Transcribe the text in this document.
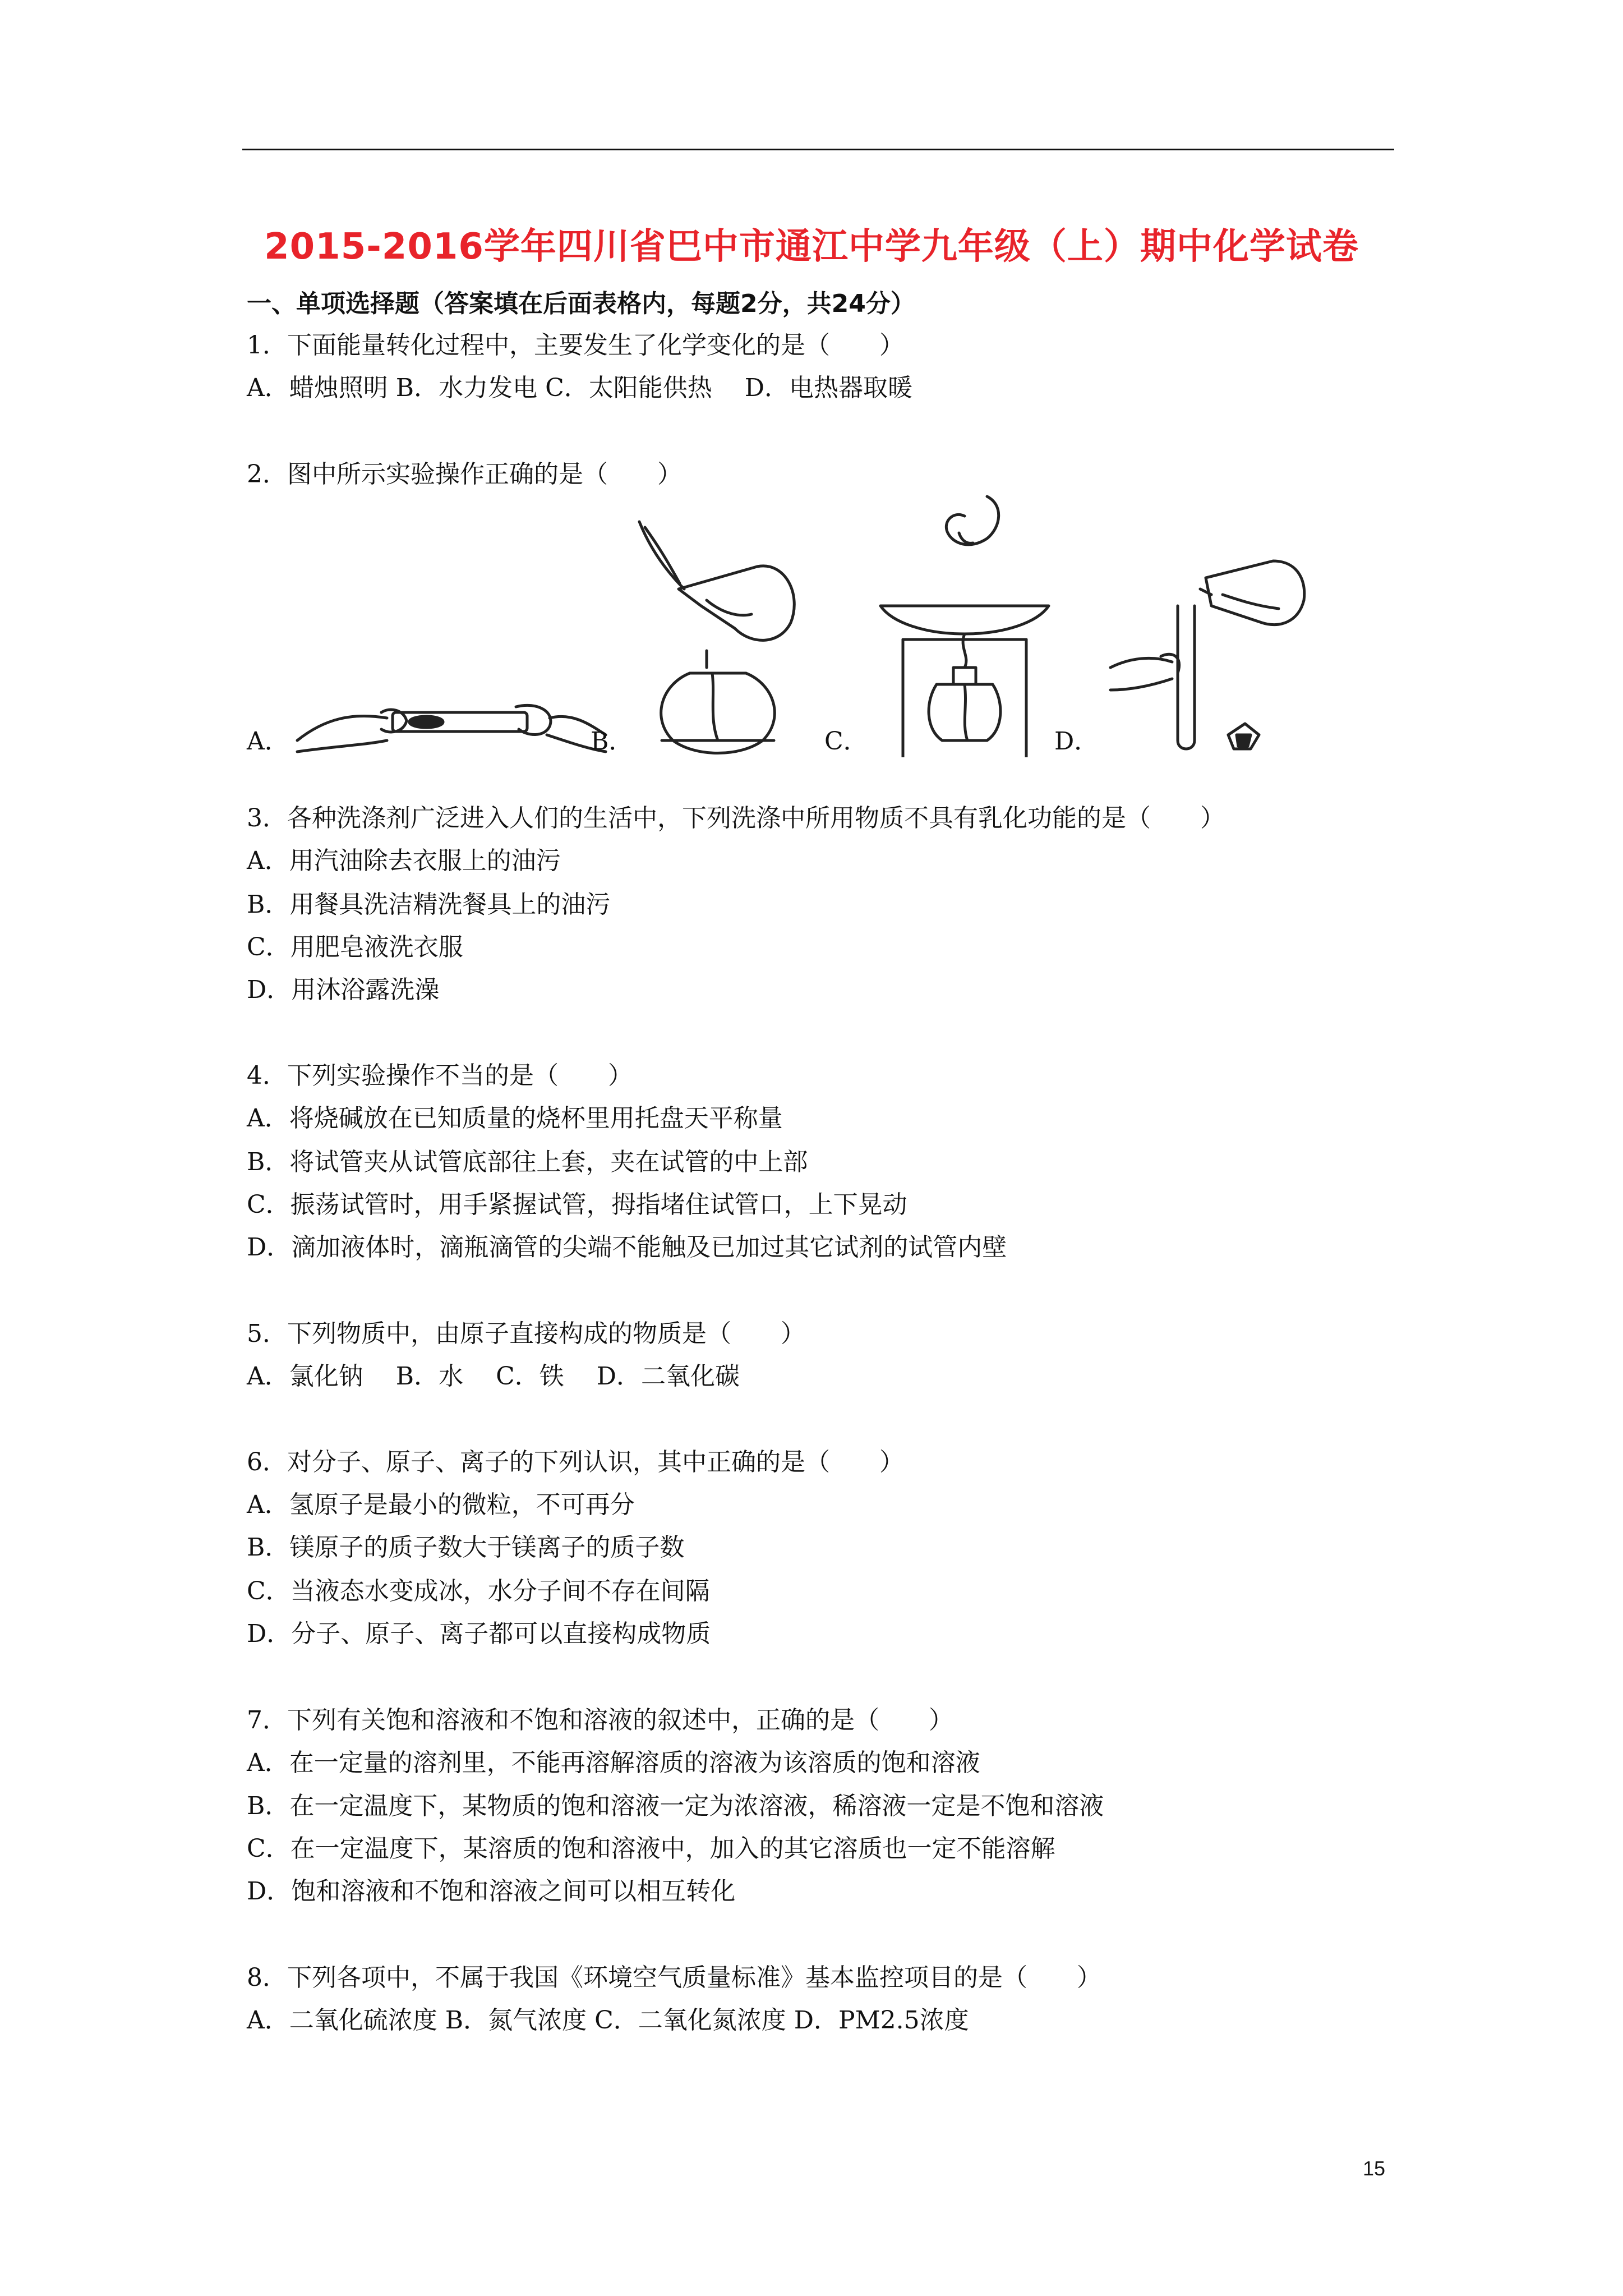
2015-2016学年四川省巴中市通江中学九年级（上）期中化学试卷
一、单项选择题（答案填在后面表格内，每题2分，共24分）
1．下面能量转化过程中，主要发生了化学变化的是（　　）
A．蜡烛照明 B．水力发电 C．太阳能供热　 D．电热器取暖
2．图中所示实验操作正确的是（　　）
A．	B．	C．	D．
3．各种洗涤剂广泛进入人们的生活中，下列洗涤中所用物质不具有乳化功能的是（　　）
A．用汽油除去衣服上的油污
B．用餐具洗洁精洗餐具上的油污
C．用肥皂液洗衣服
D．用沐浴露洗澡
4．下列实验操作不当的是（　　）
A．将烧碱放在已知质量的烧杯里用托盘天平称量
B．将试管夹从试管底部往上套，夹在试管的中上部
C．振荡试管时，用手紧握试管，拇指堵住试管口，上下晃动
D．滴加液体时，滴瓶滴管的尖端不能触及已加过其它试剂的试管内壁
5．下列物质中，由原子直接构成的物质是（　　）
A．氯化钠　 B．水　 C．铁　 D．二氧化碳
6．对分子、原子、离子的下列认识，其中正确的是（　　）
A．氢原子是最小的微粒，不可再分
B．镁原子的质子数大于镁离子的质子数
C．当液态水变成冰，水分子间不存在间隔
D．分子、原子、离子都可以直接构成物质
7．下列有关饱和溶液和不饱和溶液的叙述中，正确的是（　　）
A．在一定量的溶剂里，不能再溶解溶质的溶液为该溶质的饱和溶液
B．在一定温度下，某物质的饱和溶液一定为浓溶液，稀溶液一定是不饱和溶液
C．在一定温度下，某溶质的饱和溶液中，加入的其它溶质也一定不能溶解
D．饱和溶液和不饱和溶液之间可以相互转化
8．下列各项中，不属于我国《环境空气质量标准》基本监控项目的是（　　）
A．二氧化硫浓度 B．氮气浓度 C．二氧化氮浓度 D．PM2.5浓度
15
